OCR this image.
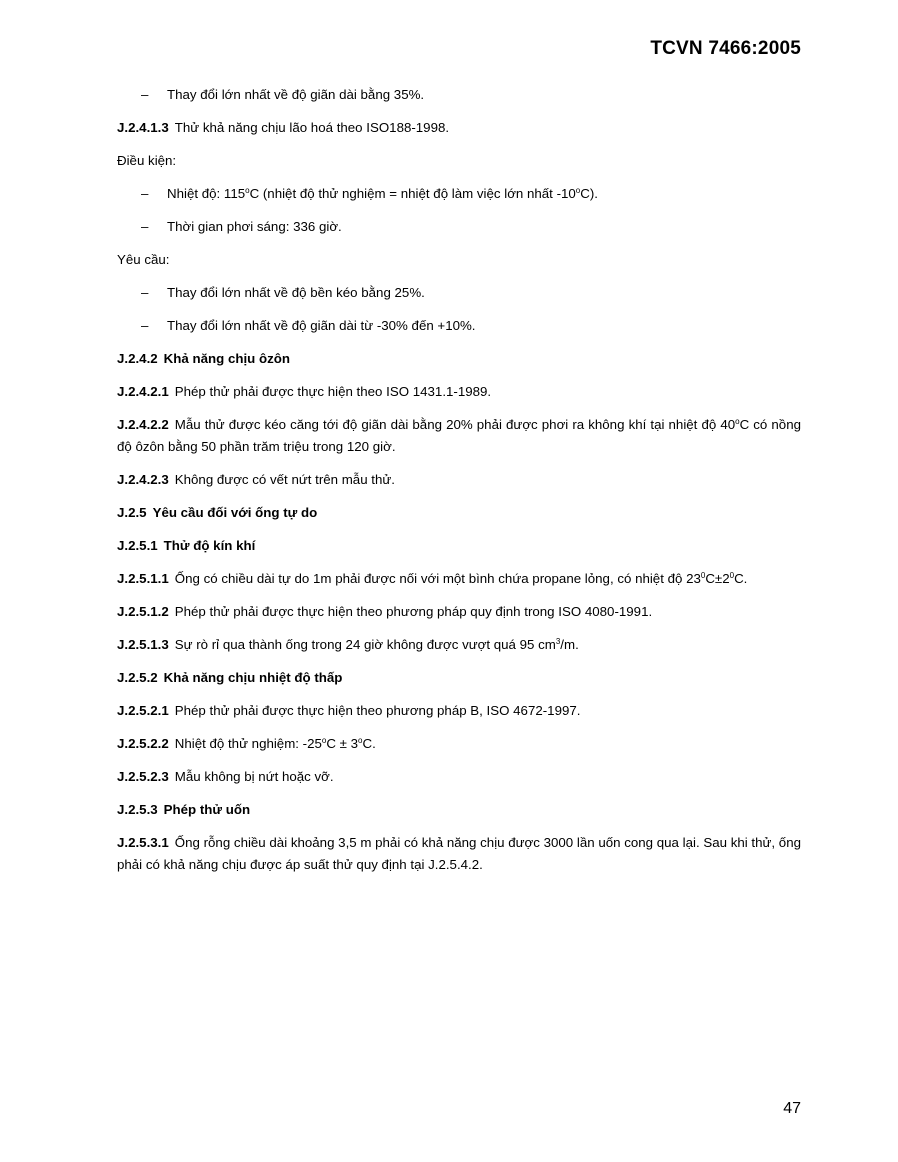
TCVN 7466:2005
– Thay đổi lớn nhất về độ giãn dài bằng 35%.
J.2.4.1.3 Thử khả năng chịu lão hoá theo ISO188-1998.
Điều kiện:
– Nhiệt độ: 115$^o$C (nhiệt độ thử nghiệm = nhiệt độ làm việc lớn nhất -10$^o$C).
– Thời gian phơi sáng: 336 giờ.
Yêu cầu:
– Thay đổi lớn nhất về độ bền kéo bằng 25%.
– Thay đổi lớn nhất về độ giãn dài từ -30% đến +10%.
J.2.4.2 Khả năng chịu ôzôn
J.2.4.2.1 Phép thử phải được thực hiện theo ISO 1431.1-1989.
J.2.4.2.2 Mẫu thử được kéo căng tới độ giãn dài bằng 20% phải được phơi ra không khí tại nhiệt độ 40$^o$C có nồng độ ôzôn bằng 50 phần trăm triệu trong 120 giờ.
J.2.4.2.3 Không được có vết nứt trên mẫu thử.
J.2.5 Yêu cầu đối với ống tự do
J.2.5.1 Thử độ kín khí
J.2.5.1.1 Ống có chiều dài tự do 1m phải được nối với một bình chứa propane lỏng, có nhiệt độ $23^0C\pm 2^0C$.
J.2.5.1.2 Phép thử phải được thực hiện theo phương pháp quy định trong ISO 4080-1991.
J.2.5.1.3 Sự rò rỉ qua thành ống trong 24 giờ không được vượt quá 95 $cm^3/m$.
J.2.5.2 Khả năng chịu nhiệt độ thấp
J.2.5.2.1 Phép thử phải được thực hiện theo phương pháp B, ISO 4672-1997.
J.2.5.2.2 Nhiệt độ thử nghiệm: $-25^oC \pm 3^oC$.
J.2.5.2.3 Mẫu không bị nứt hoặc vỡ.
J.2.5.3 Phép thử uốn
J.2.5.3.1 Ống rỗng chiều dài khoảng 3,5 m phải có khả năng chịu được 3000 lần uốn cong qua lại. Sau khi thử, ống phải có khả năng chịu được áp suất thử quy định tại J.2.5.4.2.
47
